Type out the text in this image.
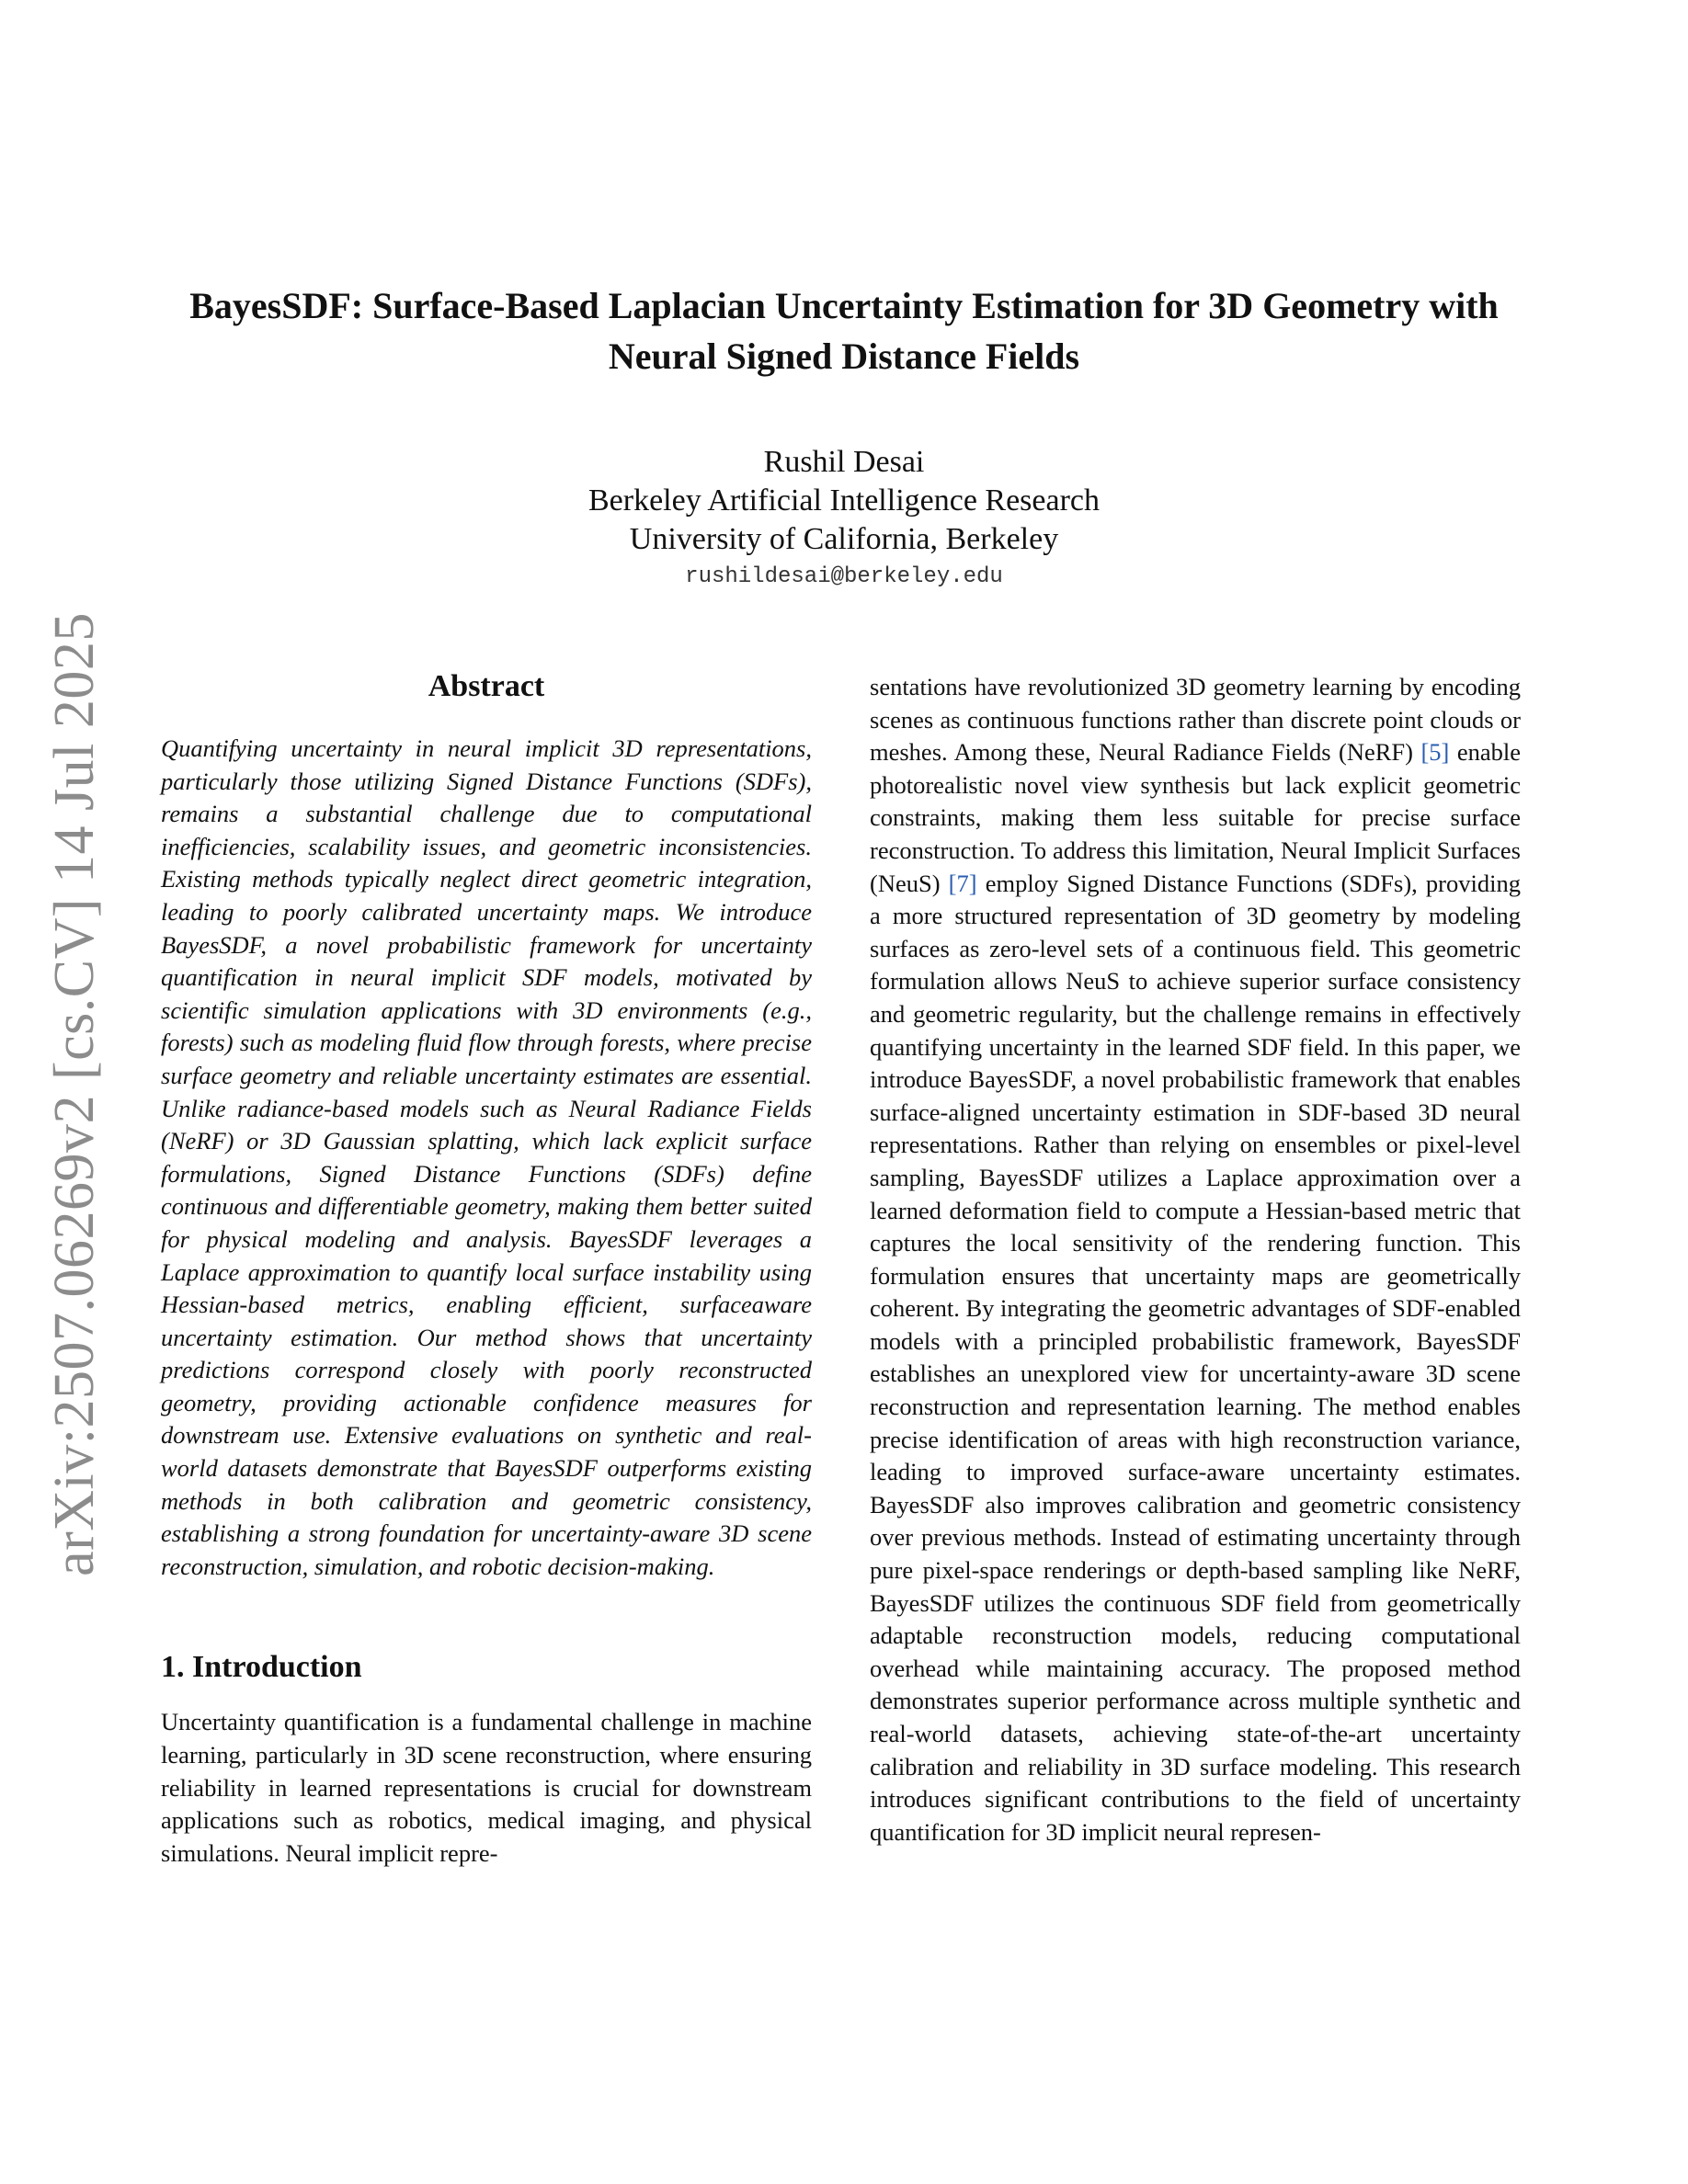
arXiv:2507.06269v2 [cs.CV] 14 Jul 2025
BayesSDF: Surface-Based Laplacian Uncertainty Estimation for 3D Geometry with Neural Signed Distance Fields
Rushil Desai
Berkeley Artificial Intelligence Research
University of California, Berkeley
rushildesai@berkeley.edu
Abstract

Quantifying uncertainty in neural implicit 3D representations, particularly those utilizing Signed Distance Functions (SDFs), remains a substantial challenge due to computational inefficiencies, scalability issues, and geometric inconsistencies. Existing methods typically neglect direct geometric integration, leading to poorly calibrated uncertainty maps. We introduce BayesSDF, a novel probabilistic framework for uncertainty quantification in neural implicit SDF models, motivated by scientific simulation applications with 3D environments (e.g., forests) such as modeling fluid flow through forests, where precise surface geometry and reliable uncertainty estimates are essential. Unlike radiance-based models such as Neural Radiance Fields (NeRF) or 3D Gaussian splatting, which lack explicit surface formulations, Signed Distance Functions (SDFs) define continuous and differentiable geometry, making them better suited for physical modeling and analysis. BayesSDF leverages a Laplace approximation to quantify local surface instability using Hessian-based metrics, enabling efficient, surfaceaware uncertainty estimation. Our method shows that uncertainty predictions correspond closely with poorly reconstructed geometry, providing actionable confidence measures for downstream use. Extensive evaluations on synthetic and real-world datasets demonstrate that BayesSDF outperforms existing methods in both calibration and geometric consistency, establishing a strong foundation for uncertainty-aware 3D scene reconstruction, simulation, and robotic decision-making.

1. Introduction

Uncertainty quantification is a fundamental challenge in machine learning, particularly in 3D scene reconstruction, where ensuring reliability in learned representations is crucial for downstream applications such as robotics, medical imaging, and physical simulations. Neural implicit repre-

sentations have revolutionized 3D geometry learning by encoding scenes as continuous functions rather than discrete point clouds or meshes. Among these, Neural Radiance Fields (NeRF) [5] enable photorealistic novel view synthesis but lack explicit geometric constraints, making them less suitable for precise surface reconstruction. To address this limitation, Neural Implicit Surfaces (NeuS) [7] employ Signed Distance Functions (SDFs), providing a more structured representation of 3D geometry by modeling surfaces as zero-level sets of a continuous field. This geometric formulation allows NeuS to achieve superior surface consistency and geometric regularity, but the challenge remains in effectively quantifying uncertainty in the learned SDF field. In this paper, we introduce BayesSDF, a novel probabilistic framework that enables surface-aligned uncertainty estimation in SDF-based 3D neural representations. Rather than relying on ensembles or pixel-level sampling, BayesSDF utilizes a Laplace approximation over a learned deformation field to compute a Hessian-based metric that captures the local sensitivity of the rendering function. This formulation ensures that uncertainty maps are geometrically coherent. By integrating the geometric advantages of SDF-enabled models with a principled probabilistic framework, BayesSDF establishes an unexplored view for uncertainty-aware 3D scene reconstruction and representation learning. The method enables precise identification of areas with high reconstruction variance, leading to improved surface-aware uncertainty estimates. BayesSDF also improves calibration and geometric consistency over previous methods. Instead of estimating uncertainty through pure pixel-space renderings or depth-based sampling like NeRF, BayesSDF utilizes the continuous SDF field from geometrically adaptable reconstruction models, reducing computational overhead while maintaining accuracy. The proposed method demonstrates superior performance across multiple synthetic and real-world datasets, achieving state-of-the-art uncertainty calibration and reliability in 3D surface modeling. This research introduces significant contributions to the field of uncertainty quantification for 3D implicit neural represen-
